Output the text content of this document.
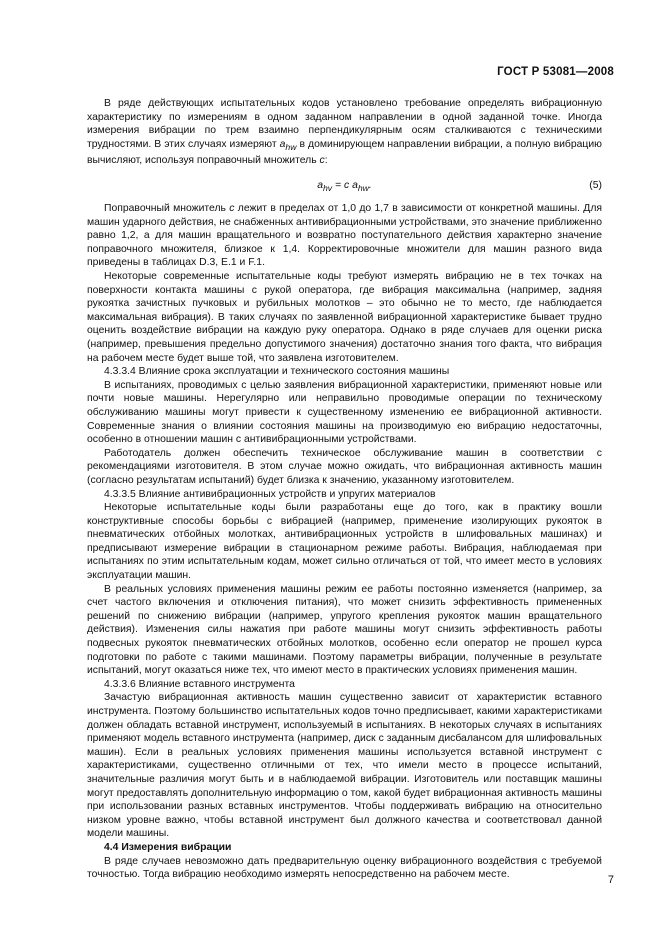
ГОСТ Р 53081—2008

В ряде действующих испытательных кодов установлено требование определять вибрационную характеристику по измерениям в одном заданном направлении в одной заданной точке. Иногда измерения вибрации по трем взаимно перпендикулярным осям сталкиваются с техническими трудностями. В этих случаях измеряют $a_{hw}$ в доминирующем направлении вибрации, а полную вибрацию вычисляют, используя поправочный множитель c:

$a_{hv} = c$ $a_{hw}$.	(5)

Поправочный множитель c лежит в пределах от 1,0 до 1,7 в зависимости от конкретной машины. Для машин ударного действия, не снабженных антивибрационными устройствами, это значение приближенно равно 1,2, а для машин вращательного и возвратно поступательного действия характерно значение поправочного множителя, близкое к 1,4. Корректировочные множители для машин разного вида приведены в таблицах D.3, E.1 и F.1.

Некоторые современные испытательные коды требуют измерять вибрацию не в тех точках на поверхности контакта машины с рукой оператора, где вибрация максимальна (например, задняя рукоятка зачистных пучковых и рубильных молотков – это обычно не то место, где наблюдается максимальная вибрация). В таких случаях по заявленной вибрационной характеристике бывает трудно оценить воздействие вибрации на каждую руку оператора. Однако в ряде случаев для оценки риска (например, превышения предельно допустимого значения) достаточно знания того факта, что вибрация на рабочем месте будет выше той, что заявлена изготовителем.

4.3.3.4 Влияние срока эксплуатации и технического состояния машины

В испытаниях, проводимых с целью заявления вибрационной характеристики, применяют новые или почти новые машины. Нерегулярно или неправильно проводимые операции по техническому обслуживанию машины могут привести к существенному изменению ее вибрационной активности. Современные знания о влиянии состояния машины на производимую ею вибрацию недостаточны, особенно в отношении машин с антивибрационными устройствами.

Работодатель должен обеспечить техническое обслуживание машин в соответствии с рекомендациями изготовителя. В этом случае можно ожидать, что вибрационная активность машин (согласно результатам испытаний) будет близка к значению, указанному изготовителем.

4.3.3.5 Влияние антивибрационных устройств и упругих материалов

Некоторые испытательные коды были разработаны еще до того, как в практику вошли конструктивные способы борьбы с вибрацией (например, применение изолирующих рукояток в пневматических отбойных молотках, антивибрационных устройств в шлифовальных машинах) и предписывают измерение вибрации в стационарном режиме работы. Вибрация, наблюдаемая при испытаниях по этим испытательным кодам, может сильно отличаться от той, что имеет место в условиях эксплуатации машин.

В реальных условиях применения машины режим ее работы постоянно изменяется (например, за счет частого включения и отключения питания), что может снизить эффективность примененных решений по снижению вибрации (например, упругого крепления рукояток машин вращательного действия). Изменения силы нажатия при работе машины могут снизить эффективность работы подвесных рукояток пневматических отбойных молотков, особенно если оператор не прошел курса подготовки по работе с такими машинами. Поэтому параметры вибрации, полученные в результате испытаний, могут оказаться ниже тех, что имеют место в практических условиях применения машин.

4.3.3.6 Влияние вставного инструмента

Зачастую вибрационная активность машин существенно зависит от характеристик вставного инструмента. Поэтому большинство испытательных кодов точно предписывает, какими характеристиками должен обладать вставной инструмент, используемый в испытаниях. В некоторых случаях в испытаниях применяют модель вставного инструмента (например, диск с заданным дисбалансом для шлифовальных машин). Если в реальных условиях применения машины используется вставной инструмент с характеристиками, существенно отличными от тех, что имели место в процессе испытаний, значительные различия могут быть и в наблюдаемой вибрации. Изготовитель или поставщик машины могут предоставлять дополнительную информацию о том, какой будет вибрационная активность машины при использовании разных вставных инструментов. Чтобы поддерживать вибрацию на относительно низком уровне важно, чтобы вставной инструмент был должного качества и соответствовал данной модели машины.

4.4 Измерения вибрации

В ряде случаев невозможно дать предварительную оценку вибрационного воздействия с требуемой точностью. Тогда вибрацию необходимо измерять непосредственно на рабочем месте.	7
